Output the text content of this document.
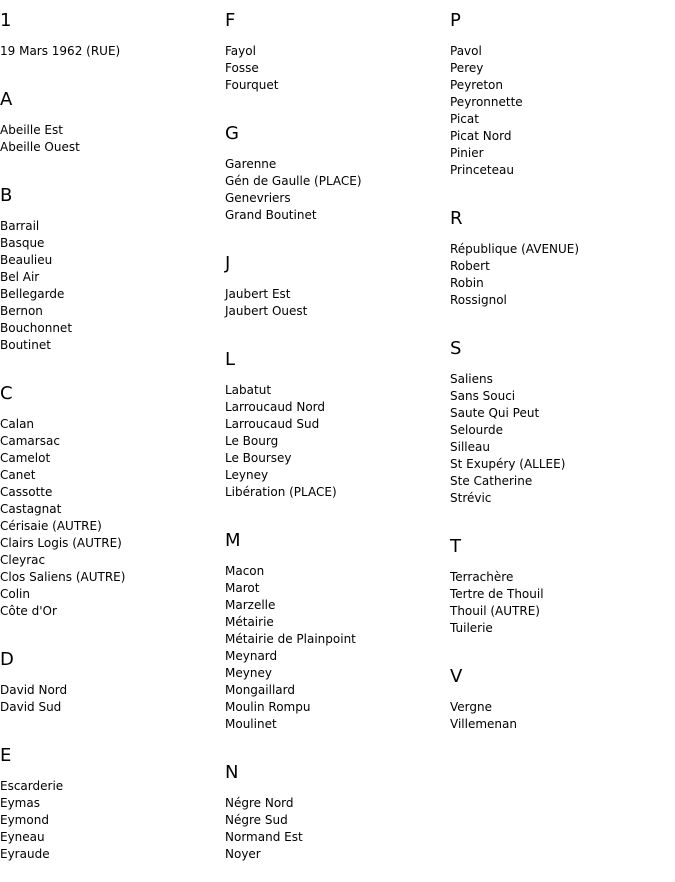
1
19 Mars 1962 (RUE)
A
Abeille Est
Abeille Ouest
B
Barrail
Basque
Beaulieu
Bel Air
Bellegarde
Bernon
Bouchonnet
Boutinet
C
Calan
Camarsac
Camelot
Canet
Cassotte
Castagnat
Cérisaie (AUTRE)
Clairs Logis (AUTRE)
Cleyrac
Clos Saliens (AUTRE)
Colin
Côte d'Or
D
David Nord
David Sud
E
Escarderie
Eymas
Eymond
Eyneau
Eyraude
F
Fayol
Fosse
Fourquet
G
Garenne
Gén de Gaulle (PLACE)
Genevriers
Grand Boutinet
J
Jaubert Est
Jaubert Ouest
L
Labatut
Larroucaud Nord
Larroucaud Sud
Le Bourg
Le Boursey
Leyney
Libération (PLACE)
M
Macon
Marot
Marzelle
Métairie
Métairie de Plainpoint
Meynard
Meyney
Mongaillard
Moulin Rompu
Moulinet
N
Négre Nord
Négre Sud
Normand Est
Noyer
P
Pavol
Perey
Peyreton
Peyronnette
Picat
Picat Nord
Pinier
Princeteau
R
République (AVENUE)
Robert
Robin
Rossignol
S
Saliens
Sans Souci
Saute Qui Peut
Selourde
Silleau
St Exupéry (ALLEE)
Ste Catherine
Strévic
T
Terrachère
Tertre de Thouil
Thouil (AUTRE)
Tuilerie
V
Vergne
Villemenan
